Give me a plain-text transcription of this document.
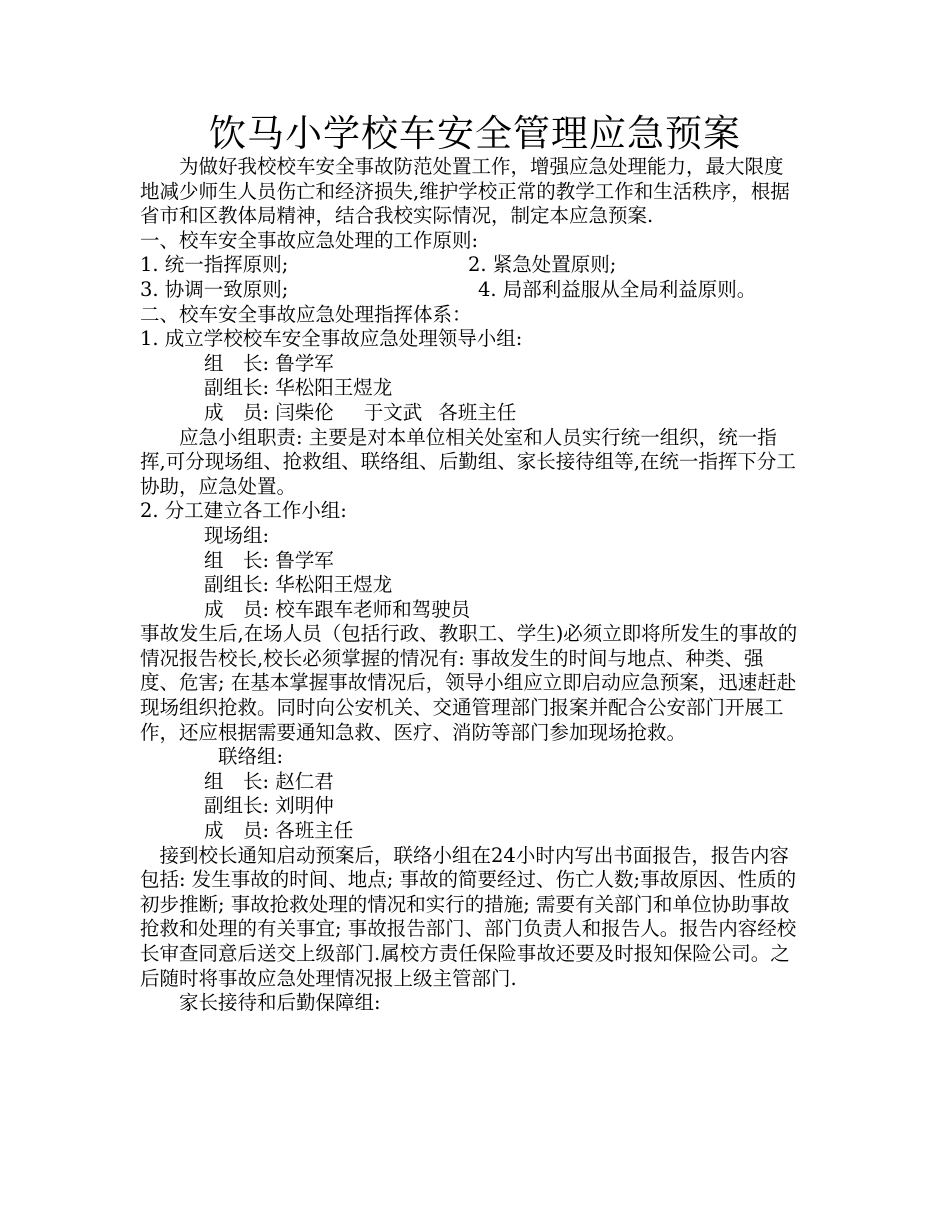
饮马小学校车安全管理应急预案

为做好我校校车安全事故防范处置工作，增强应急处理能力，最大限度地减少师生人员伤亡和经济损失,维护学校正常的教学工作和生活秩序，根据省市和区教体局精神，结合我校实际情况，制定本应急预案.

一、校车安全事故应急处理的工作原则:
1. 统一指挥原则;	2. 紧急处置原则;
3. 协调一致原则;	4. 局部利益服从全局利益原则。
二、校车安全事故应急处理指挥体系：
1. 成立学校校车安全事故应急处理领导小组:
组　长: 鲁学军
副组长: 华松阳王煜龙
成　员: 闫柴伦 于文武 各班主任

应急小组职责: 主要是对本单位相关处室和人员实行统一组织，统一指挥,可分现场组、抢救组、联络组、后勤组、家长接待组等,在统一指挥下分工协助，应急处置。

2. 分工建立各工作小组:
现场组:
组　长: 鲁学军
副组长: 华松阳王煜龙
成　员: 校车跟车老师和驾驶员

事故发生后,在场人员（包括行政、教职工、学生)必须立即将所发生的事故的情况报告校长,校长必须掌握的情况有: 事故发生的时间与地点、种类、强度、危害; 在基本掌握事故情况后，领导小组应立即启动应急预案，迅速赶赴现场组织抢救。同时向公安机关、交通管理部门报案并配合公安部门开展工作，还应根据需要通知急救、医疗、消防等部门参加现场抢救。

联络组:
组　长: 赵仁君
副组长: 刘明仲
成　员: 各班主任

接到校长通知启动预案后，联络小组在24小时内写出书面报告，报告内容包括: 发生事故的时间、地点; 事故的简要经过、伤亡人数;事故原因、性质的初步推断; 事故抢救处理的情况和实行的措施; 需要有关部门和单位协助事故抢救和处理的有关事宜; 事故报告部门、部门负责人和报告人。报告内容经校长审查同意后送交上级部门.属校方责任保险事故还要及时报知保险公司。之后随时将事故应急处理情况报上级主管部门.

家长接待和后勤保障组:
